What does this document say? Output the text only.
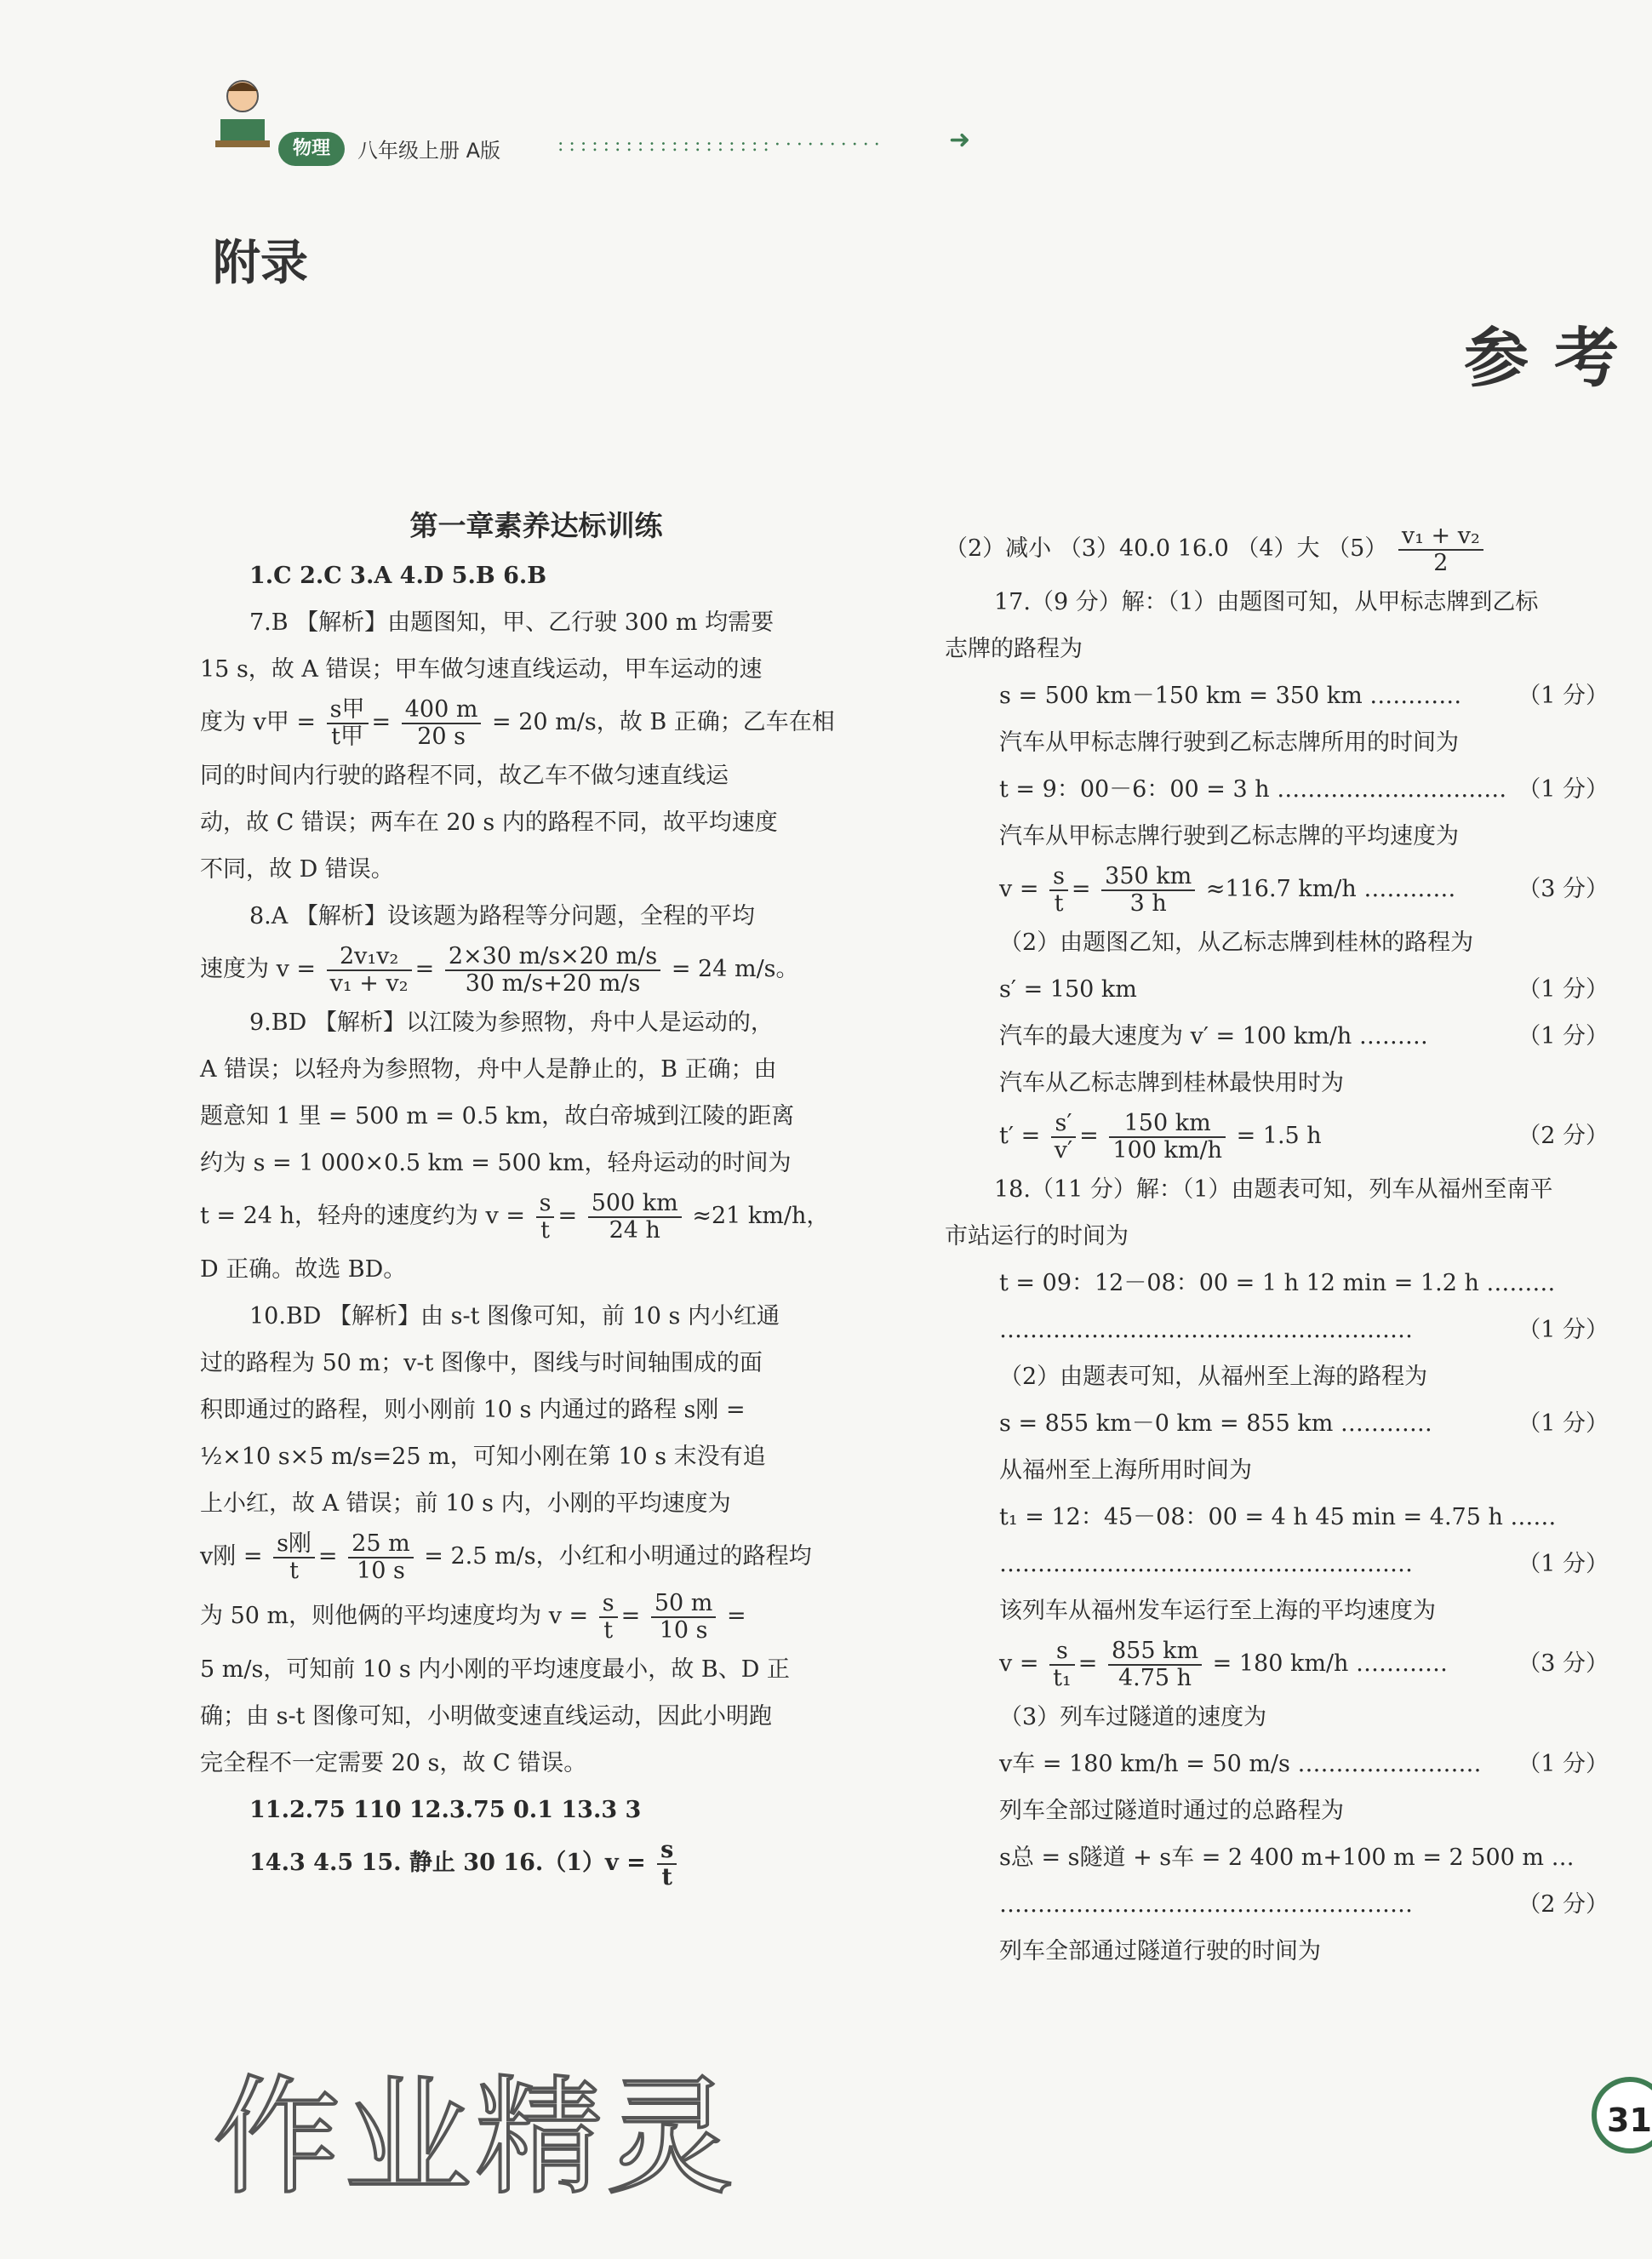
物理	八年级上册 A版	:::::::::::::::::::··········	➜
附录
参考
第一章素养达标训练
1.C 2.C 3.A 4.D 5.B 6.B
7.B 【解析】由题图知，甲、乙行驶 300 m 均需要
15 s，故 A 错误；甲车做匀速直线运动，甲车运动的速
度为 v甲 = $\frac{\text{s甲}}{\text{t甲}} = \frac{400 m}{20 s} = 20$ m/s，故 B 正确；乙车在相
同的时间内行驶的路程不同，故乙车不做匀速直线运
动，故 C 错误；两车在 20 s 内的路程不同，故平均速度
不同，故 D 错误。
8.A 【解析】设该题为路程等分问题，全程的平均
速度为 $v = \frac{\text{2v₁v₂}}{\text{v₁ + v₂}} = \frac{2\times 30 m/s\times 20 m/s}{30 m/s+20 m/s} = 24$ m/s。
9.BD 【解析】以江陵为参照物，舟中人是运动的，
A 错误；以轻舟为参照物，舟中人是静止的，B 正确；由
题意知 1 里 = 500 m = 0.5 km，故白帝城到江陵的距离
约为 s = 1 000×0.5 km = 500 km，轻舟运动的时间为
t = 24 h，轻舟的速度约为 $v = \frac{s}{t} = \frac{500 km}{24 h} \approx 21$ km/h，
D 正确。故选 BD。
10.BD 【解析】由 s-t 图像可知，前 10 s 内小红通
过的路程为 50 m；v-t 图像中，图线与时间轴围成的面
积即通过的路程，则小刚前 10 s 内通过的路程 s刚 =
½×10 s×5 m/s=25 m，可知小刚在第 10 s 末没有追
上小红，故 A 错误；前 10 s 内，小刚的平均速度为
v刚 = $\frac{\text{s刚}}{t} = \frac{25 m}{10 s} = 2.5$ m/s，小红和小明通过的路程均
为 50 m，则他俩的平均速度均为 $v = \frac{s}{t} = \frac{50 m}{10 s}$ =
5 m/s，可知前 10 s 内小刚的平均速度最小，故 B、D 正
确；由 s-t 图像可知，小明做变速直线运动，因此小明跑
完全程不一定需要 20 s，故 C 错误。
11.2.75 110 12.3.75 0.1 13.3 3
14.3 4.5 15. 静止 30 $16.(1)v = \frac{s}{t}$
（2）减小 （3）40.0 16.0 （4）大 $(5) \frac{\text{v₁ + v₂}}{2}$
17.（9 分）解：（1）由题图可知，从甲标志牌到乙标
志牌的路程为
s = 500 km－150 km = 350 km ………… （1 分）
汽车从甲标志牌行驶到乙标志牌所用的时间为
t = 9：00－6：00 = 3 h ………………………… （1 分）
汽车从甲标志牌行驶到乙标志牌的平均速度为
$v = \frac{s}{t} = \frac{350 km}{3 h} \approx 116.7$ km/h …………	（3 分）
（2）由题图乙知，从乙标志牌到桂林的路程为
s′ = 150 km	（1 分）
汽车的最大速度为 v′ = 100 km/h ………	（1 分）
汽车从乙标志牌到桂林最快用时为
$t' = \frac{s'}{v'} = \frac{150 km}{100 km/h} = 1.5$ h	（2 分）
18.（11 分）解：（1）由题表可知，列车从福州至南平
市站运行的时间为
t = 09：12－08：00 = 1 h 12 min = 1.2 h ………
………………………………………………	（1 分）
（2）由题表可知，从福州至上海的路程为
s = 855 km－0 km = 855 km …………	（1 分）
从福州至上海所用时间为
t₁ = 12：45－08：00 = 4 h 45 min = 4.75 h ……
………………………………………………	（1 分）
该列车从福州发车运行至上海的平均速度为
$v = \frac{s}{\text{t₁}} = \frac{855 km}{4.75 h} = 180$ km/h …………	（3 分）
（3）列车过隧道的速度为
v车 = 180 km/h = 50 m/s …………………… （1 分）
列车全部过隧道时通过的总路程为
s总 = s隧道 + s车 = 2 400 m+100 m = 2 500 m …
………………………………………………	（2 分）
列车全部通过隧道行驶的时间为
作业精灵	31
